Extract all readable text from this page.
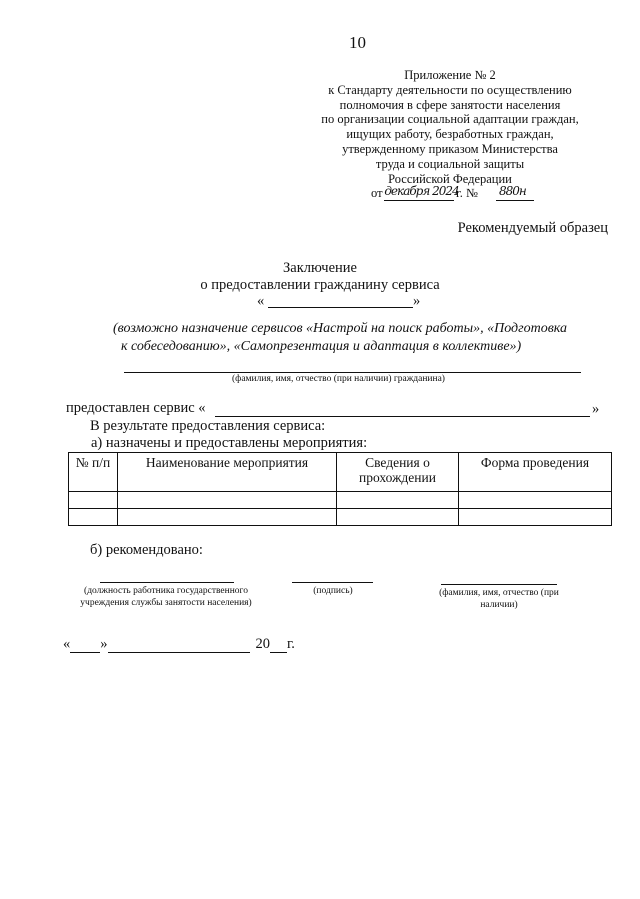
10
Приложение № 2
к Стандарту деятельности по осуществлению
полномочия в сфере занятости населения
по организации социальной адаптации граждан,
ищущих работу, безработных граждан,
утвержденному приказом Министерства
труда и социальной защиты
Российской Федерации
от декабря 2024
г. № 880н
Рекомендуемый образец
Заключение
о предоставлении гражданину сервиса
«	»
(возможно назначение сервисов «Настрой на поиск работы», «Подготовка
к собеседованию», «Самопрезентация и адаптация в коллективе»)
(фамилия, имя, отчество (при наличии) гражданина)
предоставлен сервис «	»
В результате предоставления сервиса:
а) назначены и предоставлены мероприятия:
№ п/п	Наименование мероприятия	Сведения о прохождении	Форма проведения

б) рекомендовано:
(должность работника государственного учреждения службы занятости населения)
(подпись)	(фамилия, имя, отчество (при наличии)
« »	20 г.
